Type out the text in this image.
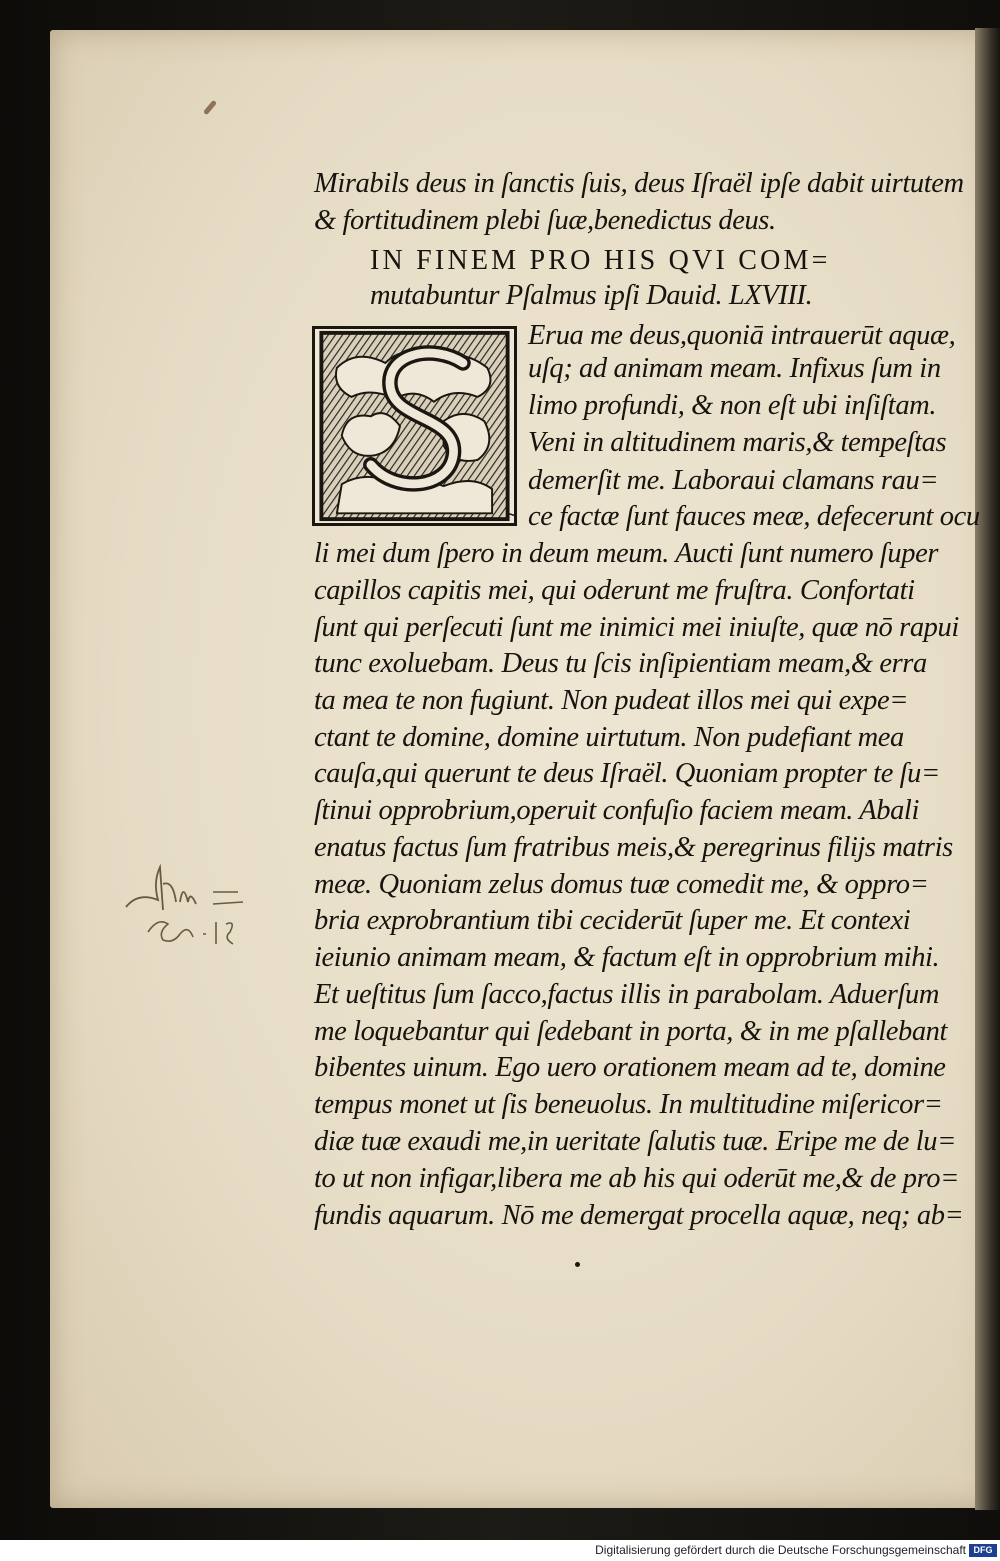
Mirabils deus in ſanctis ſuis, deus Iſraël ipſe dabit uirtutem
& fortitudinem plebi ſuæ,benedictus deus.
IN FINEM PRO HIS QVI COM=
mutabuntur Pſalmus ipſi Dauid. LXVIII.
Erua me deus,quoniā intrauerūt aquæ,
uſq; ad animam meam. Infixus ſum in
limo profundi, & non eſt ubi inſiſtam.
Veni in altitudinem maris,& tempeſtas
demerſit me. Laboraui clamans rau=
ce factæ ſunt fauces meæ, defecerunt ocu
li mei dum ſpero in deum meum. Aucti ſunt numero ſuper
capillos capitis mei, qui oderunt me fruſtra. Confortati
ſunt qui perſecuti ſunt me inimici mei iniuſte, quæ nō rapui
tunc exoluebam. Deus tu ſcis inſipientiam meam,& erra
ta mea te non fugiunt. Non pudeat illos mei qui expe=
ctant te domine, domine uirtutum. Non pudefiant mea
cauſa,qui querunt te deus Iſraël. Quoniam propter te ſu=
ſtinui opprobrium,operuit confuſio faciem meam. Abali
enatus factus ſum fratribus meis,& peregrinus filijs matris
meæ. Quoniam zelus domus tuæ comedit me, & oppro=
bria exprobrantium tibi ceciderūt ſuper me. Et contexi
ieiunio animam meam, & factum eſt in opprobrium mihi.
Et ueſtitus ſum ſacco,factus illis in parabolam. Aduerſum
me loquebantur qui ſedebant in porta, & in me pſallebant
bibentes uinum. Ego uero orationem meam ad te, domine
tempus monet ut ſis beneuolus. In multitudine miſericor=
diæ tuæ exaudi me,in ueritate ſalutis tuæ. Eripe me de lu=
to ut non infigar,libera me ab his qui oderūt me,& de pro=
fundis aquarum. Nō me demergat procella aquæ, neq; ab=
Digitalisierung gefördert durch die Deutsche Forschungsgemeinschaft DFG
